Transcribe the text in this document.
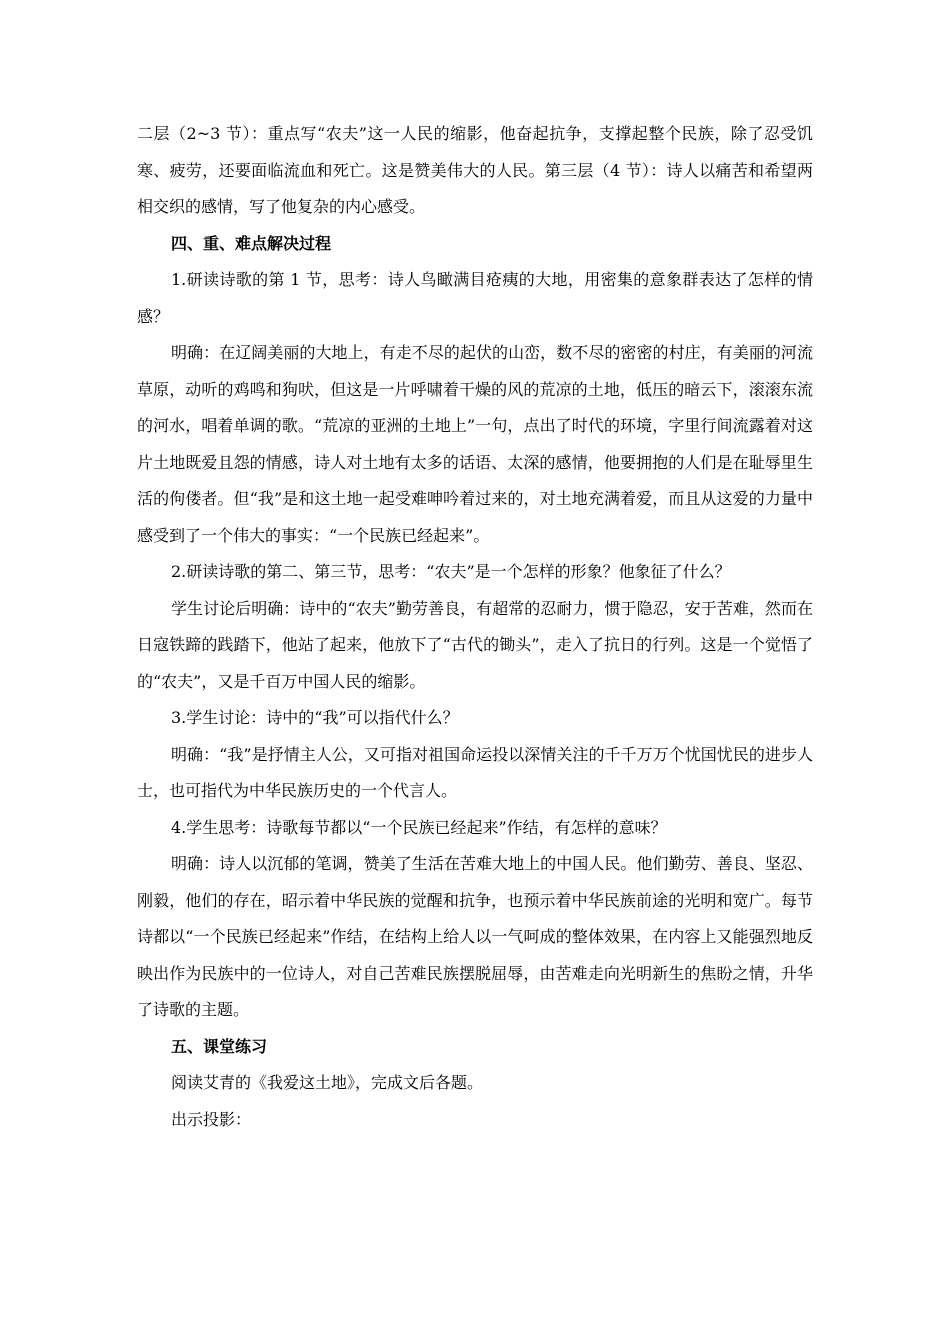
二层（2~3 节）：重点写“农夫”这一人民的缩影，他奋起抗争，支撑起整个民族，除了忍受饥寒、疲劳，还要面临流血和死亡。这是赞美伟大的人民。第三层（4 节）：诗人以痛苦和希望两相交织的感情，写了他复杂的内心感受。

四、重、难点解决过程

1.研读诗歌的第 1 节，思考：诗人鸟瞰满目疮痍的大地，用密集的意象群表达了怎样的情感？

明确：在辽阔美丽的大地上，有走不尽的起伏的山峦，数不尽的密密的村庄，有美丽的河流草原，动听的鸡鸣和狗吠，但这是一片呼啸着干燥的风的荒凉的土地，低压的暗云下，滚滚东流的河水，唱着单调的歌。“荒凉的亚洲的土地上”一句，点出了时代的环境，字里行间流露着对这片土地既爱且怨的情感，诗人对土地有太多的话语、太深的感情，他要拥抱的人们是在耻辱里生活的佝偻者。但“我”是和这土地一起受难呻吟着过来的，对土地充满着爱，而且从这爱的力量中感受到了一个伟大的事实：“一个民族已经起来”。

2.研读诗歌的第二、第三节，思考：“农夫”是一个怎样的形象？他象征了什么？

学生讨论后明确：诗中的“农夫”勤劳善良，有超常的忍耐力，惯于隐忍，安于苦难，然而在日寇铁蹄的践踏下，他站了起来，他放下了“古代的锄头”，走入了抗日的行列。这是一个觉悟了的“农夫”，又是千百万中国人民的缩影。

3.学生讨论：诗中的“我”可以指代什么？

明确：“我”是抒情主人公，又可指对祖国命运投以深情关注的千千万万个忧国忧民的进步人士，也可指代为中华民族历史的一个代言人。

4.学生思考：诗歌每节都以“一个民族已经起来”作结，有怎样的意味？

明确：诗人以沉郁的笔调，赞美了生活在苦难大地上的中国人民。他们勤劳、善良、坚忍、刚毅，他们的存在，昭示着中华民族的觉醒和抗争，也预示着中华民族前途的光明和宽广。每节诗都以“一个民族已经起来”作结，在结构上给人以一气呵成的整体效果，在内容上又能强烈地反映出作为民族中的一位诗人，对自己苦难民族摆脱屈辱，由苦难走向光明新生的焦盼之情，升华了诗歌的主题。

五、课堂练习

阅读艾青的《我爱这土地》，完成文后各题。

出示投影：
